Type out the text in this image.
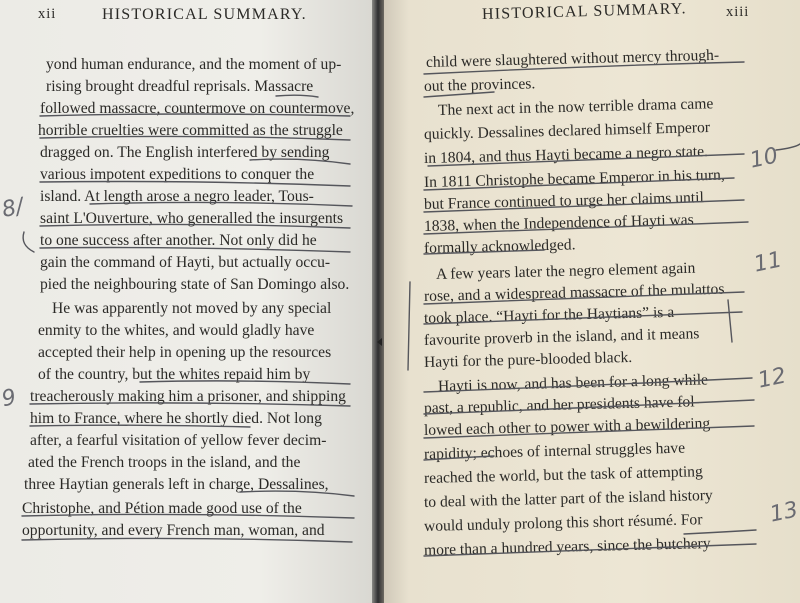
xii	HISTORICAL SUMMARY.
yond human endurance, and the moment of up-
rising brought dreadful reprisals. Massacre
followed massacre, countermove on countermove,
horrible cruelties were committed as the struggle
dragged on. The English interfered by sending
various impotent expeditions to conquer the
island. At length arose a negro leader, Tous-
saint L'Ouverture, who generalled the insurgents
to one success after another. Not only did he
gain the command of Hayti, but actually occu-
pied the neighbouring state of San Domingo also.
He was apparently not moved by any special
enmity to the whites, and would gladly have
accepted their help in opening up the resources
of the country, but the whites repaid him by
treacherously making him a prisoner, and shipping
him to France, where he shortly died. Not long
after, a fearful visitation of yellow fever decim-
ated the French troops in the island, and the
three Haytian generals left in charge, Dessalines,
Christophe, and Pétion made good use of the
opportunity, and every French man, woman, and
8/
9
HISTORICAL SUMMARY.	xiii
child were slaughtered without mercy through-
out the provinces.
The next act in the now terrible drama came
quickly. Dessalines declared himself Emperor
in 1804, and thus Hayti became a negro state.
In 1811 Christophe became Emperor in his turn,
but France continued to urge her claims until
1838, when the Independence of Hayti was
formally acknowledged.
A few years later the negro element again
rose, and a widespread massacre of the mulattos
took place. “Hayti for the Haytians” is a
favourite proverb in the island, and it means
Hayti for the pure-blooded black.
Hayti is now, and has been for a long while
past, a republic, and her presidents have fol-
lowed each other to power with a bewildering
rapidity; echoes of internal struggles have
reached the world, but the task of attempting
to deal with the latter part of the island history
would unduly prolong this short résumé. For
more than a hundred years, since the butchery
10
11
12
13
